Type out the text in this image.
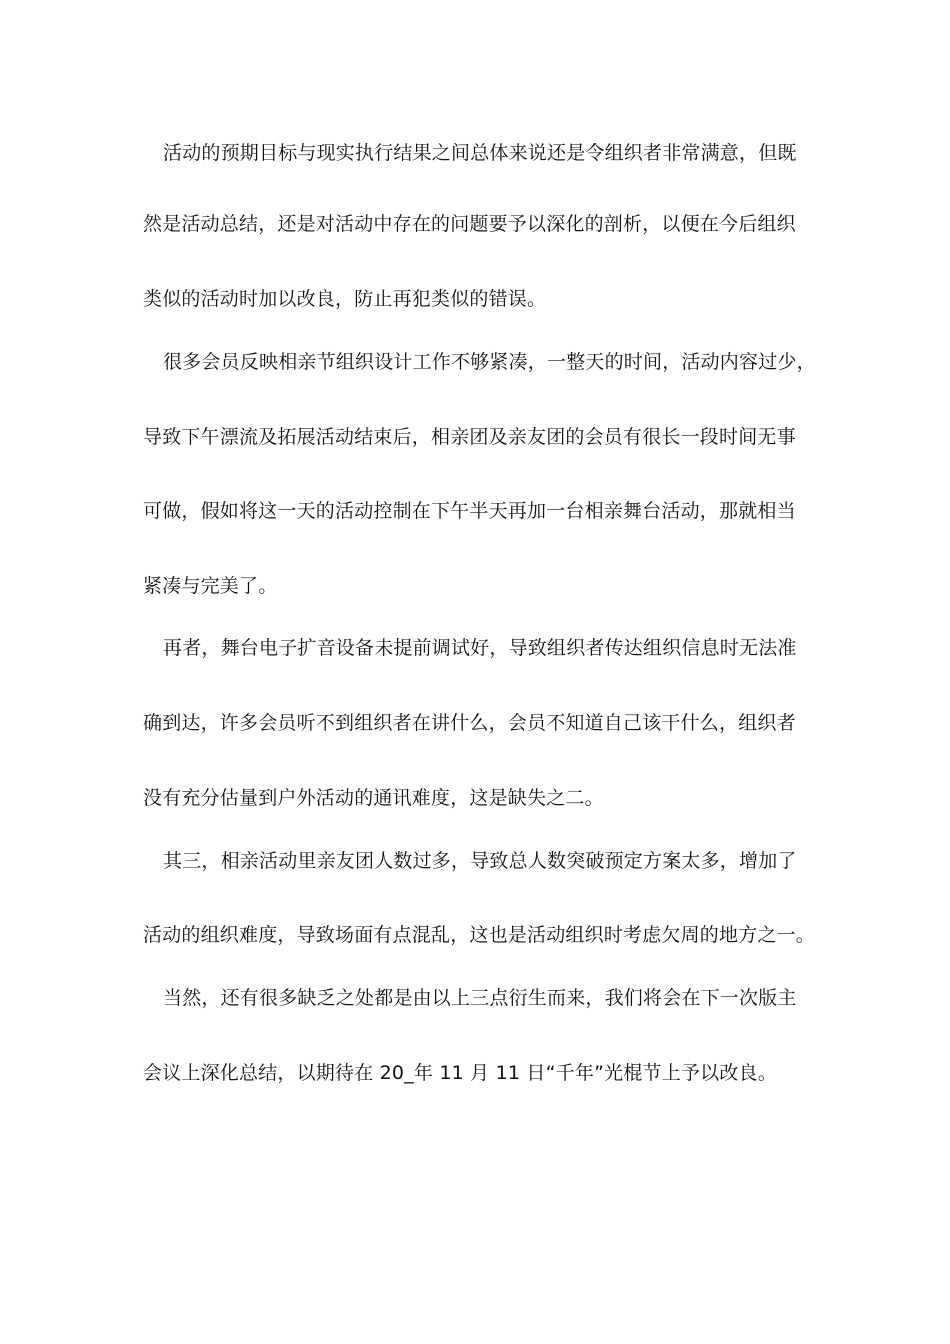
活动的预期目标与现实执行结果之间总体来说还是令组织者非常满意，但既
然是活动总结，还是对活动中存在的问题要予以深化的剖析，以便在今后组织
类似的活动时加以改良，防止再犯类似的错误。
很多会员反映相亲节组织设计工作不够紧凑，一整天的时间，活动内容过少，
导致下午漂流及拓展活动结束后，相亲团及亲友团的会员有很长一段时间无事
可做，假如将这一天的活动控制在下午半天再加一台相亲舞台活动，那就相当
紧凑与完美了。
再者，舞台电子扩音设备未提前调试好，导致组织者传达组织信息时无法准
确到达，许多会员听不到组织者在讲什么，会员不知道自己该干什么，组织者
没有充分估量到户外活动的通讯难度，这是缺失之二。
其三，相亲活动里亲友团人数过多，导致总人数突破预定方案太多，增加了
活动的组织难度，导致场面有点混乱，这也是活动组织时考虑欠周的地方之一。
当然，还有很多缺乏之处都是由以上三点衍生而来，我们将会在下一次版主
会议上深化总结，以期待在 20_年 11 月 11 日“千年”光棍节上予以改良。
